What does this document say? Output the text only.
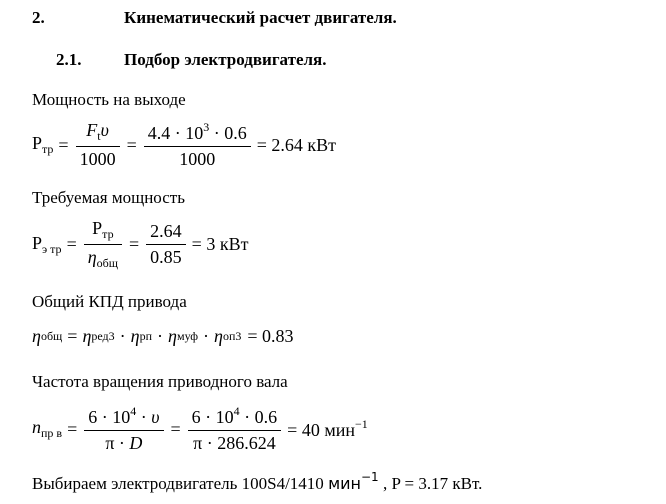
2.	Кинематический расчет двигателя.
2.1.	Подбор электродвигателя.
Мощность на выходе
$P_{тр} = \frac{F_t\upsilon}{1000} = \frac{4.4 \cdot 10^3 \cdot 0.6}{1000} = 2.64$ кВт
Требуемая мощность
$P_{э тр} = \frac{P_{тр}}{\eta_{общ}} = \frac{2.64}{0.85} = 3$ кВт
Общий КПД привода
η общ = η ред 3 · η рп · η муф · η оп 3 = 0.83
Частота вращения приводного вала
$n_{пр в} = \frac{6 \cdot 10^4 \cdot \upsilon}{\pi \cdot D} = \frac{6 \cdot 10^4 \cdot 0.6}{\pi \cdot 286.624} = 40$ мин$^{-1}$
Выбираем электродвигатель 100S4/1410 мин$^{-1}$ , P = 3.17 кВт.
